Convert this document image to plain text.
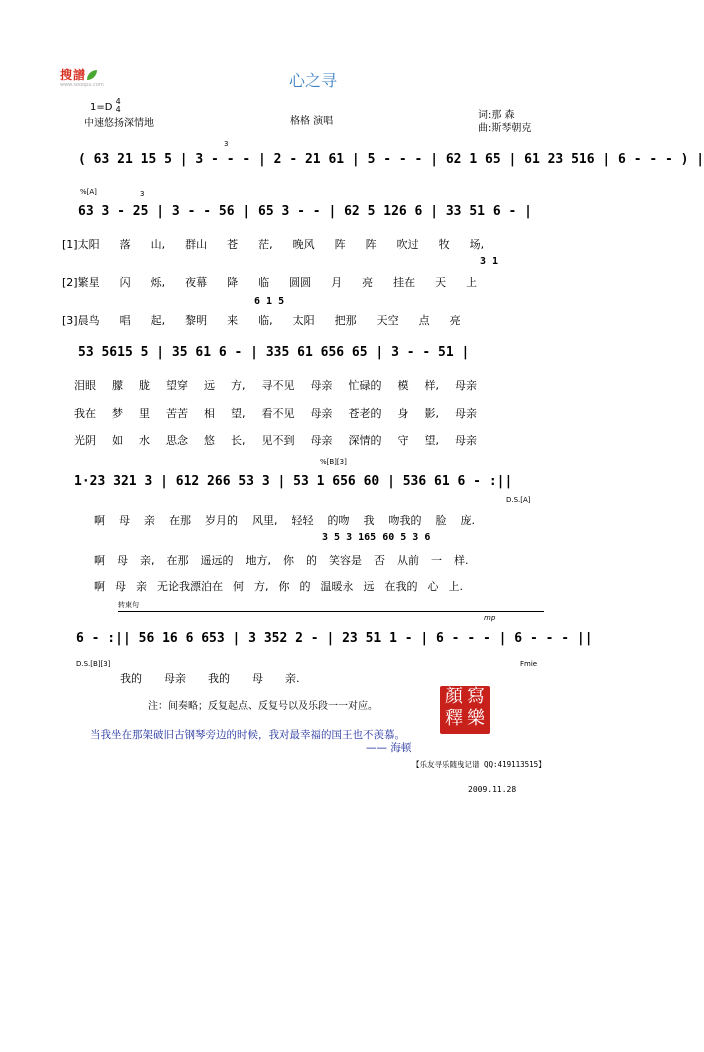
搜譜
www.sooopu.com	心之寻
1=D 4
4
中速悠扬深情地	格格 演唱
词:那 森
曲:斯琴朝克
3
( 63 21 15 5 | 3 - - - | 2 - 21 61 | 5 - - - | 62 1 65 | 61 23 516 | 6 - - - ) |
%[A]	3
63 3 - 25 | 3 - - 56 | 65 3 - - | 62 5 126 6 | 33 51 6 - |
[1]太阳 落 山, 群山 苍 茫, 晚风 阵 阵 吹过 牧 场,
3 1
[2]繁星 闪 烁, 夜幕 降 临 圆圆 月 亮 挂在 天 上
6 1 5
[3]晨鸟 唱 起, 黎明 来 临, 太阳 把那 天空 点 亮
53 5615 5 | 35 61 6 - | 335 61 656 65 | 3 - - 51 |
泪眼 朦 胧 望穿 远 方, 寻不见 母亲 忙碌的 模 样, 母亲
我在 梦 里 苦苦 相 望, 看不见 母亲 苍老的 身 影, 母亲
光阴 如 水 思念 悠 长, 见不到 母亲 深情的 守 望, 母亲
%[B][3]
1·23 321 3 | 612 266 53 3 | 53 1 656 60 | 536 61 6 - :||
D.S.[A]
啊 母 亲 在那 岁月的 风里, 轻轻 的吻 我 吻我的 脸 庞.
3 5 3 165 60 5 3 6
啊 母 亲, 在那 遥远的 地方, 你 的 笑容是 否 从前 一 样.
啊 母 亲 无论我漂泊在 何 方, 你 的 温暖永 远 在我的 心 上.
转束句
mp
6 - :|| 56 16 6 653 | 3 352 2 - | 23 51 1 - | 6 - - - | 6 - - - ||
D.S.[B][3]	Fmie
我的 母亲 我的 母 亲.
注：间奏略；反复起点、反复号以及乐段一一对应。	顏 寫
釋 樂
当我坐在那架破旧古钢琴旁边的时候，我对最幸福的国王也不羡慕。
—— 海顿
【乐友寻乐随曳记谱 QQ:419113515】
2009.11.28
